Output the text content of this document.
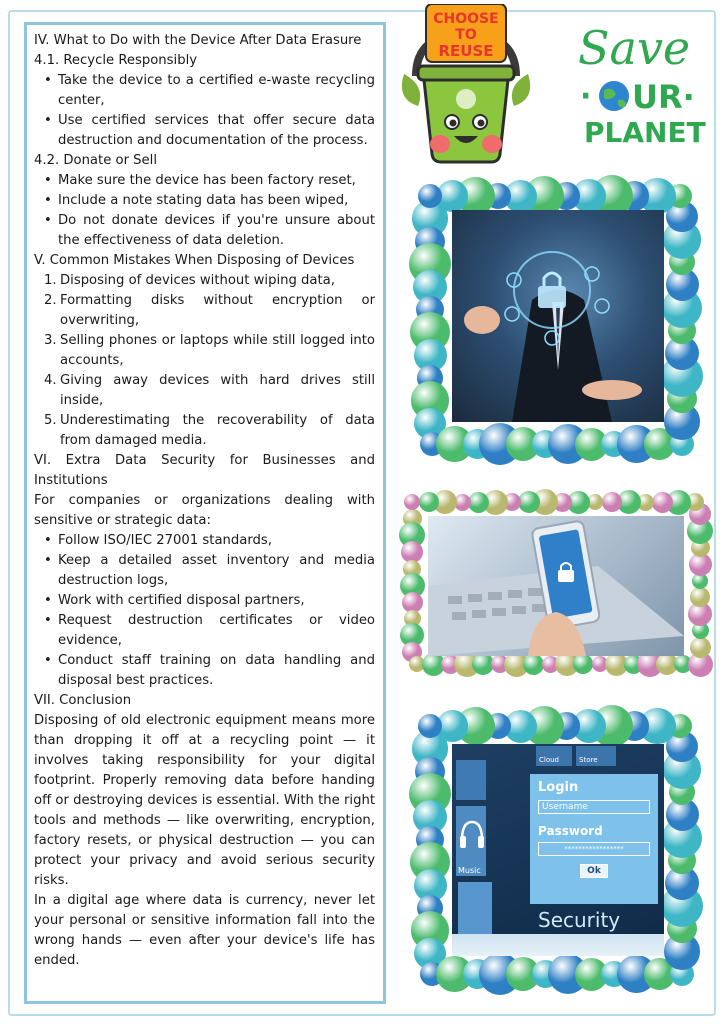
IV. What to Do with the Device After Data Erasure

4.1. Recycle Responsibly

• Take the device to a certified e-waste recycling center,
• Use certified services that offer secure data destruction and documentation of the process.

4.2. Donate or Sell

• Make sure the device has been factory reset,
• Include a note stating data has been wiped,
• Do not donate devices if you're unsure about the effectiveness of data deletion.

V. Common Mistakes When Disposing of Devices

1. Disposing of devices without wiping data,
2. Formatting disks without encryption or overwriting,
3. Selling phones or laptops while still logged into accounts,
4. Giving away devices with hard drives still inside,
5. Underestimating the recoverability of data from damaged media.

VI. Extra Data Security for Businesses and Institutions

For companies or organizations dealing with sensitive or strategic data:

• Follow ISO/IEC 27001 standards,
• Keep a detailed asset inventory and media destruction logs,
• Work with certified disposal partners,
• Request destruction certificates or video evidence,
• Conduct staff training on data handling and disposal best practices.

VII. Conclusion

Disposing of old electronic equipment means more than dropping it off at a recycling point — it involves taking responsibility for your digital footprint. Properly removing data before handing off or destroying devices is essential. With the right tools and methods — like overwriting, encryption, factory resets, or physical destruction — you can protect your privacy and avoid serious security risks.

In a digital age where data is currency, never let your personal or sensitive information fall into the wrong hands — even after your device's life has ended.

CHOOSE
TO
REUSE Save
· UR·
PLANET
Cloud	Store
Music
Login
Username
Password
*****************
Ok
Security
